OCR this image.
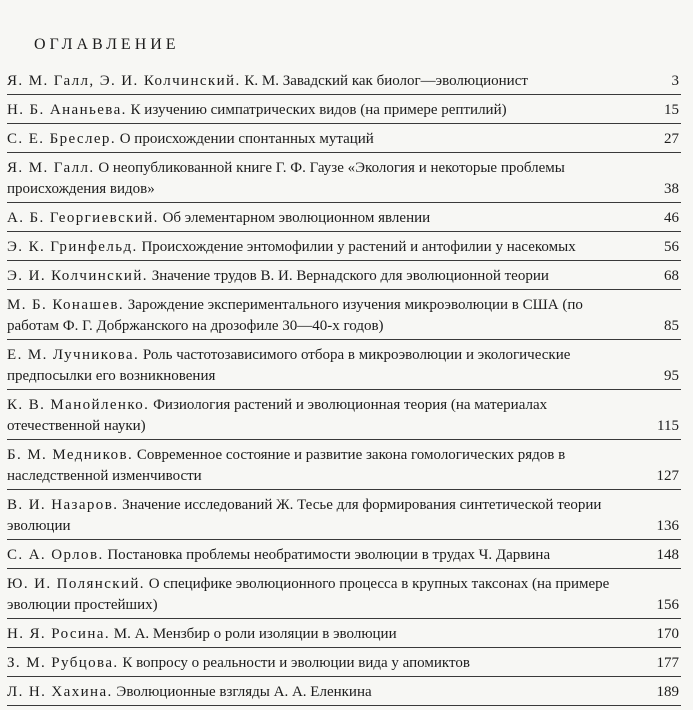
ОГЛАВЛЕНИЕ
Я. М. Галл, Э. И. Колчинский. К. М. Завадский как биолог—эволюционист	3
Н. Б. Ананьева. К изучению симпатрических видов (на примере рептилий)	15
С. Е. Бреслер. О происхождении спонтанных мутаций	27
Я. М. Галл. О неопубликованной книге Г. Ф. Гаузе «Экология и некоторые проблемы происхождения видов»	38
А. Б. Георгиевский. Об элементарном эволюционном явлении	46
Э. К. Гринфельд. Происхождение энтомофилии у растений и антофилии у насекомых	56
Э. И. Колчинский. Значение трудов В. И. Вернадского для эволюционной теории	68
М. Б. Конашев. Зарождение экспериментального изучения микроэволюции в США (по работам Ф. Г. Добржанского на дрозофиле 30—40-х годов)	85
Е. М. Лучникова. Роль частотозависимого отбора в микроэволюции и экологические предпосылки его возникновения	95
К. В. Манойленко. Физиология растений и эволюционная теория (на материалах отечественной науки)	115
Б. М. Медников. Современное состояние и развитие закона гомологических рядов в наследственной изменчивости	127
В. И. Назаров. Значение исследований Ж. Тесье для формирования синтетической теории эволюции	136
С. А. Орлов. Постановка проблемы необратимости эволюции в трудах Ч. Дарвина	148
Ю. И. Полянский. О специфике эволюционного процесса в крупных таксонах (на примере эволюции простейших)	156
Н. Я. Росина. М. А. Мензбир о роли изоляции в эволюции	170
З. М. Рубцова. К вопросу о реальности и эволюции вида у апомиктов	177
Л. Н. Хахина. Эволюционные взгляды А. А. Еленкина	189
